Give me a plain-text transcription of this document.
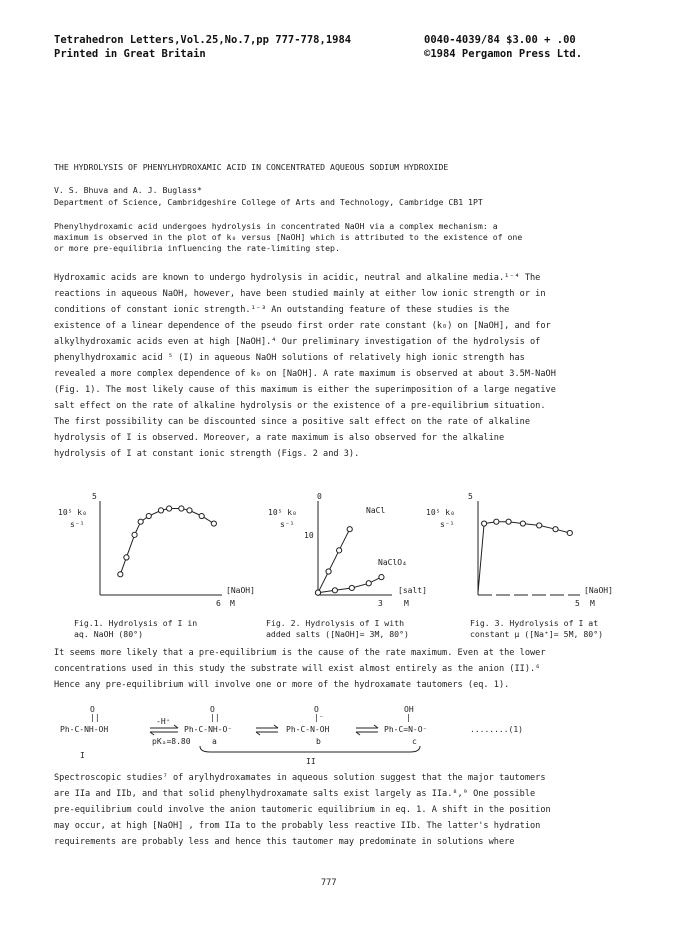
Tetrahedron Letters,Vol.25,No.7,pp 777-778,1984
Printed in Great Britain
0040-4039/84 $3.00 + .00
©1984 Pergamon Press Ltd.
THE HYDROLYSIS OF PHENYLHYDROXAMIC ACID IN CONCENTRATED AQUEOUS SODIUM HYDROXIDE
V. S. Bhuva and A. J. Buglass*
Department of Science, Cambridgeshire College of Arts and Technology, Cambridge CB1 1PT
Phenylhydroxamic acid undergoes hydrolysis in concentrated NaOH via a complex mechanism: a
maximum is observed in the plot of k₀ versus [NaOH] which is attributed to the existence of one
or more pre-equilibria influencing the rate-limiting step.
Hydroxamic acids are known to undergo hydrolysis in acidic, neutral and alkaline media.¹⁻⁴ The
reactions in aqueous NaOH, however, have been studied mainly at either low ionic strength or in
conditions of constant ionic strength.¹⁻³ An outstanding feature of these studies is the
existence of a linear dependence of the pseudo first order rate constant (k₀) on [NaOH], and for
alkylhydroxamic acids even at high [NaOH].⁴ Our preliminary investigation of the hydrolysis of
phenylhydroxamic acid ⁵ (I) in aqueous NaOH solutions of relatively high ionic strength has
revealed a more complex dependence of k₀ on [NaOH]. A rate maximum is observed at about 3.5M-NaOH
(Fig. 1). The most likely cause of this maximum is either the superimposition of a large negative
salt effect on the rate of alkaline hydrolysis or the existence of a pre-equilibrium situation.
The first possibility can be discounted since a positive salt effect on the rate of alkaline
hydrolysis of I is observed. Moreover, a rate maximum is also observed for the alkaline
hydrolysis of I at constant ionic strength (Figs. 2 and 3).
10⁵ k₀
s⁻¹
5
6 M
[NaOH]
10⁵ k₀
s⁻¹
0
10
3	M
[salt]
NaCl
NaClO₄
10⁵ k₀
s⁻¹
5
5 M
[NaOH]
Fig.1. Hydrolysis of I in
aq. NaOH (80°)
Fig. 2. Hydrolysis of I with
added salts ([NaOH]= 3M, 80°)
Fig. 3. Hydrolysis of I at
constant μ ([Na⁺]= 5M, 80°)
It seems more likely that a pre-equilibrium is the cause of the rate maximum. Even at the lower
concentrations used in this study the substrate will exist almost entirely as the anion (II).⁶
Hence any pre-equilibrium will involve one or more of the hydroxamate tautomers (eq. 1).
O
||
Ph-C-NH-OH
-H⁺
pKₐ=8.80
I
O
||
Ph-C-NH-O⁻
a
O
|⁻
Ph-C-N-OH
b
OH
|
Ph-C=N-O⁻
c
II
........(1)
Spectroscopic studies⁷ of arylhydroxamates in aqueous solution suggest that the major tautomers
are IIa and IIb, and that solid phenylhydroxamate salts exist largely as IIa.⁸,⁹ One possible
pre-equilibrium could involve the anion tautomeric equilibrium in eq. 1. A shift in the position
may occur, at high [NaOH] , from IIa to the probably less reactive IIb. The latter's hydration
requirements are probably less and hence this tautomer may predominate in solutions where
777
